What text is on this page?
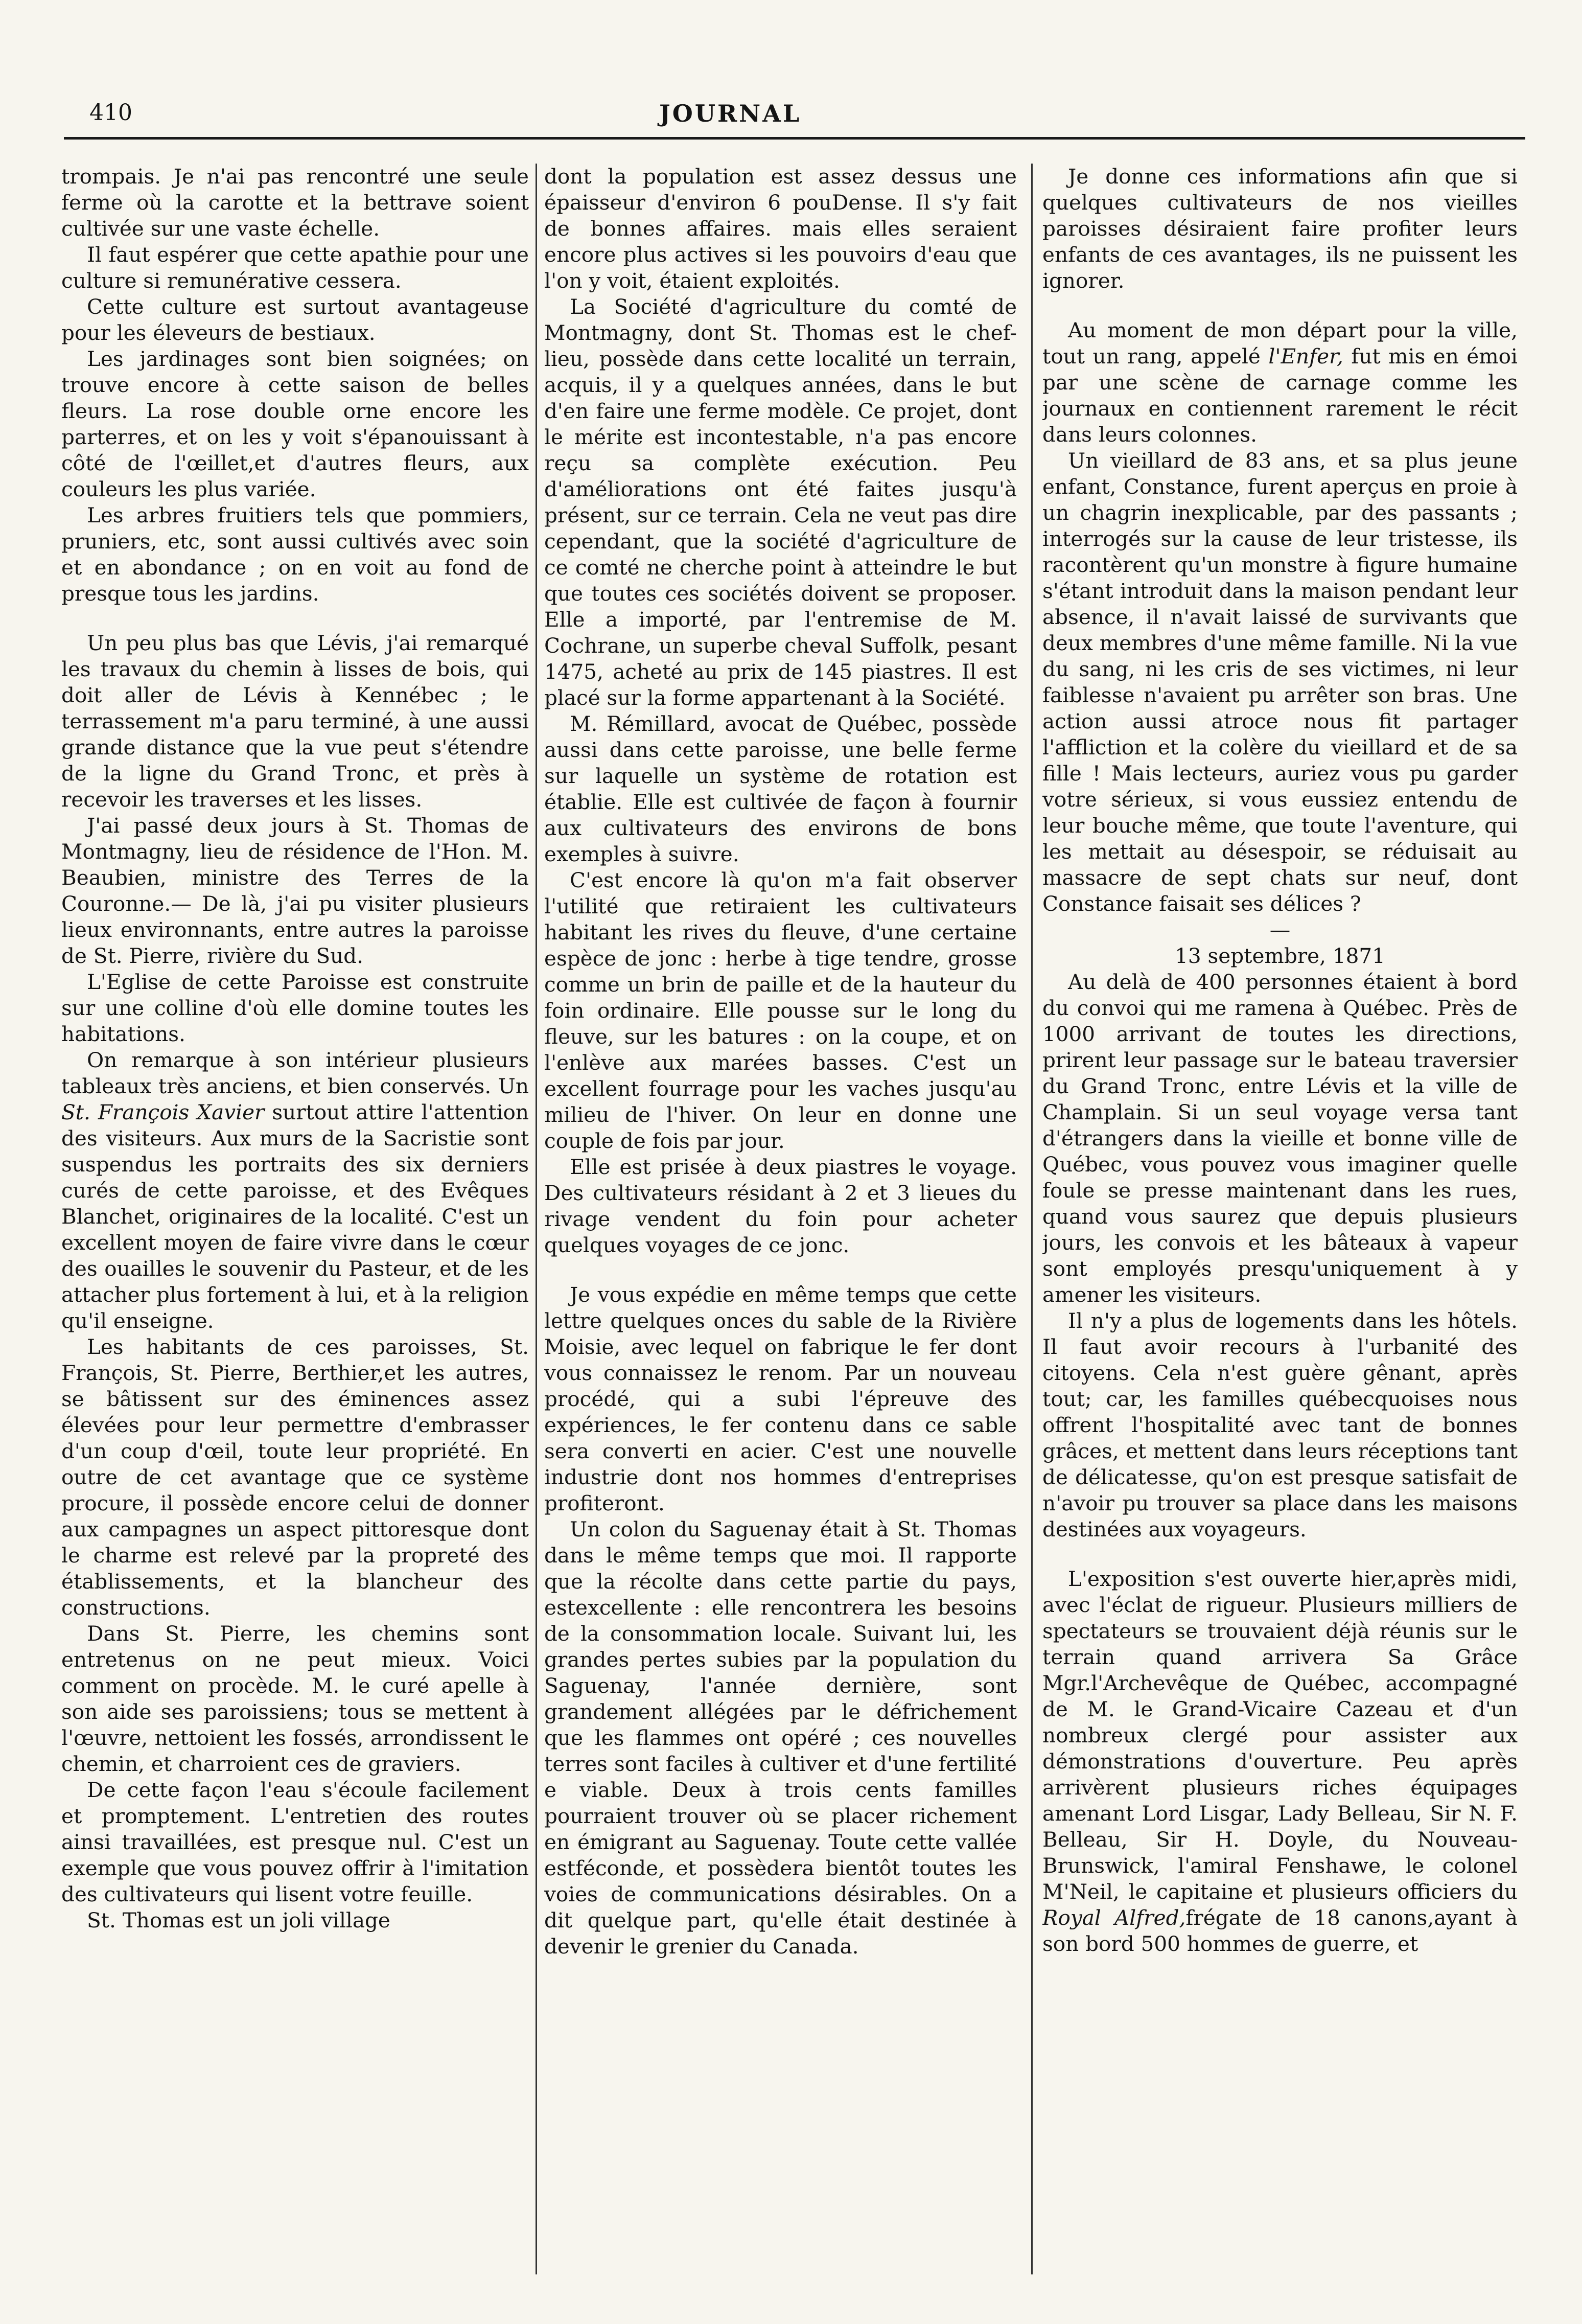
410	JOURNAL

trompais. Je n'ai pas rencontré une seule ferme où la carotte et la bettrave soient cultivée sur une vaste échelle.

Il faut espérer que cette apathie pour une culture si remunérative cessera.

Cette culture est surtout avantageuse pour les éleveurs de bestiaux.

Les jardinages sont bien soignées; on trouve encore à cette saison de belles fleurs. La rose double orne encore les parterres, et on les y voit s'épanouissant à côté de l'œillet,et d'autres fleurs, aux couleurs les plus variée.

Les arbres fruitiers tels que pommiers, pruniers, etc, sont aussi cultivés avec soin et en abondance ; on en voit au fond de presque tous les jardins.

Un peu plus bas que Lévis, j'ai remarqué les travaux du chemin à lisses de bois, qui doit aller de Lévis à Kennébec ; le terrassement m'a paru terminé, à une aussi grande distance que la vue peut s'étendre de la ligne du Grand Tronc, et près à recevoir les traverses et les lisses.

J'ai passé deux jours à St. Thomas de Montmagny, lieu de résidence de l'Hon. M. Beaubien, ministre des Terres de la Couronne.— De là, j'ai pu visiter plusieurs lieux environnants, entre autres la paroisse de St. Pierre, rivière du Sud.

L'Eglise de cette Paroisse est construite sur une colline d'où elle domine toutes les habitations.

On remarque à son intérieur plusieurs tableaux très anciens, et bien conservés. Un St. François Xavier surtout attire l'attention des visiteurs. Aux murs de la Sacristie sont suspendus les portraits des six derniers curés de cette paroisse, et des Evêques Blanchet, originaires de la localité. C'est un excellent moyen de faire vivre dans le cœur des ouailles le souvenir du Pasteur, et de les attacher plus fortement à lui, et à la religion qu'il enseigne.

Les habitants de ces paroisses, St. François, St. Pierre, Berthier,et les autres, se bâtissent sur des éminences assez élevées pour leur permettre d'embrasser d'un coup d'œil, toute leur propriété. En outre de cet avantage que ce système procure, il possède encore celui de donner aux campagnes un aspect pittoresque dont le charme est relevé par la propreté des établissements, et la blancheur des constructions.

Dans St. Pierre, les chemins sont entretenus on ne peut mieux. Voici comment on procède. M. le curé apelle à son aide ses paroissiens; tous se mettent à l'œuvre, nettoient les fossés, arrondissent le chemin, et charroient ces de graviers.

De cette façon l'eau s'écoule facilement et promptement. L'entretien des routes ainsi travaillées, est presque nul. C'est un exemple que vous pouvez offrir à l'imitation des cultivateurs qui lisent votre feuille.

St. Thomas est un joli village

dont la population est assez dessus une épaisseur d'environ 6 pouDense. Il s'y fait de bonnes affaires. mais elles seraient encore plus actives si les pouvoirs d'eau que l'on y voit, étaient exploités.

La Société d'agriculture du comté de Montmagny, dont St. Thomas est le chef-lieu, possède dans cette localité un terrain, acquis, il y a quelques années, dans le but d'en faire une ferme modèle. Ce projet, dont le mérite est incontestable, n'a pas encore reçu sa complète exécution. Peu d'améliorations ont été faites jusqu'à présent, sur ce terrain. Cela ne veut pas dire cependant, que la société d'agriculture de ce comté ne cherche point à atteindre le but que toutes ces sociétés doivent se proposer. Elle a importé, par l'entremise de M. Cochrane, un superbe cheval Suffolk, pesant 1475, acheté au prix de 145 piastres. Il est placé sur la forme appartenant à la Société.

M. Rémillard, avocat de Québec, possède aussi dans cette paroisse, une belle ferme sur laquelle un système de rotation est établie. Elle est cultivée de façon à fournir aux cultivateurs des environs de bons exemples à suivre.

C'est encore là qu'on m'a fait observer l'utilité que retiraient les cultivateurs habitant les rives du fleuve, d'une certaine espèce de jonc : herbe à tige tendre, grosse comme un brin de paille et de la hauteur du foin ordinaire. Elle pousse sur le long du fleuve, sur les batures : on la coupe, et on l'enlève aux marées basses. C'est un excellent fourrage pour les vaches jusqu'au milieu de l'hiver. On leur en donne une couple de fois par jour.

Elle est prisée à deux piastres le voyage. Des cultivateurs résidant à 2 et 3 lieues du rivage vendent du foin pour acheter quelques voyages de ce jonc.

Je vous expédie en même temps que cette lettre quelques onces du sable de la Rivière Moisie, avec lequel on fabrique le fer dont vous connaissez le renom. Par un nouveau procédé, qui a subi l'épreuve des expériences, le fer contenu dans ce sable sera converti en acier. C'est une nouvelle industrie dont nos hommes d'entreprises profiteront.

Un colon du Saguenay était à St. Thomas dans le même temps que moi. Il rapporte que la récolte dans cette partie du pays, estexcellente : elle rencontrera les besoins de la consommation locale. Suivant lui, les grandes pertes subies par la population du Saguenay, l'année dernière, sont grandement allégées par le défrichement que les flammes ont opéré ; ces nouvelles terres sont faciles à cultiver et d'une fertilité e viable. Deux à trois cents familles pourraient trouver où se placer richement en émigrant au Saguenay. Toute cette vallée estféconde, et possèdera bientôt toutes les voies de communications désirables. On a dit quelque part, qu'elle était destinée à devenir le grenier du Canada.

Je donne ces informations afin que si quelques cultivateurs de nos vieilles paroisses désiraient faire profiter leurs enfants de ces avantages, ils ne puissent les ignorer.

Au moment de mon départ pour la ville, tout un rang, appelé l'Enfer, fut mis en émoi par une scène de carnage comme les journaux en contiennent rarement le récit dans leurs colonnes.

Un vieillard de 83 ans, et sa plus jeune enfant, Constance, furent aperçus en proie à un chagrin inexplicable, par des passants ; interrogés sur la cause de leur tristesse, ils racontèrent qu'un monstre à figure humaine s'étant introduit dans la maison pendant leur absence, il n'avait laissé de survivants que deux membres d'une même famille. Ni la vue du sang, ni les cris de ses victimes, ni leur faiblesse n'avaient pu arrêter son bras. Une action aussi atroce nous fit partager l'affliction et la colère du vieillard et de sa fille ! Mais lecteurs, auriez vous pu garder votre sérieux, si vous eussiez entendu de leur bouche même, que toute l'aventure, qui les mettait au désespoir, se réduisait au massacre de sept chats sur neuf, dont Constance faisait ses délices ?

—

13 septembre, 1871

Au delà de 400 personnes étaient à bord du convoi qui me ramena à Québec. Près de 1000 arrivant de toutes les directions, prirent leur passage sur le bateau traversier du Grand Tronc, entre Lévis et la ville de Champlain. Si un seul voyage versa tant d'étrangers dans la vieille et bonne ville de Québec, vous pouvez vous imaginer quelle foule se presse maintenant dans les rues, quand vous saurez que depuis plusieurs jours, les convois et les bâteaux à vapeur sont employés presqu'uniquement à y amener les visiteurs.

Il n'y a plus de logements dans les hôtels. Il faut avoir recours à l'urbanité des citoyens. Cela n'est guère gênant, après tout; car, les familles québecquoises nous offrent l'hospitalité avec tant de bonnes grâces, et mettent dans leurs réceptions tant de délicatesse, qu'on est presque satisfait de n'avoir pu trouver sa place dans les maisons destinées aux voyageurs.

L'exposition s'est ouverte hier,après midi, avec l'éclat de rigueur. Plusieurs milliers de spectateurs se trouvaient déjà réunis sur le terrain quand arrivera Sa Grâce Mgr.l'Archevêque de Québec, accompagné de M. le Grand-Vicaire Cazeau et d'un nombreux clergé pour assister aux démonstrations d'ouverture. Peu après arrivèrent plusieurs riches équipages amenant Lord Lisgar, Lady Belleau, Sir N. F. Belleau, Sir H. Doyle, du Nouveau-Brunswick, l'amiral Fenshawe, le colonel M'Neil, le capitaine et plusieurs officiers du Royal Alfred,frégate de 18 canons,ayant à son bord 500 hommes de guerre, et
